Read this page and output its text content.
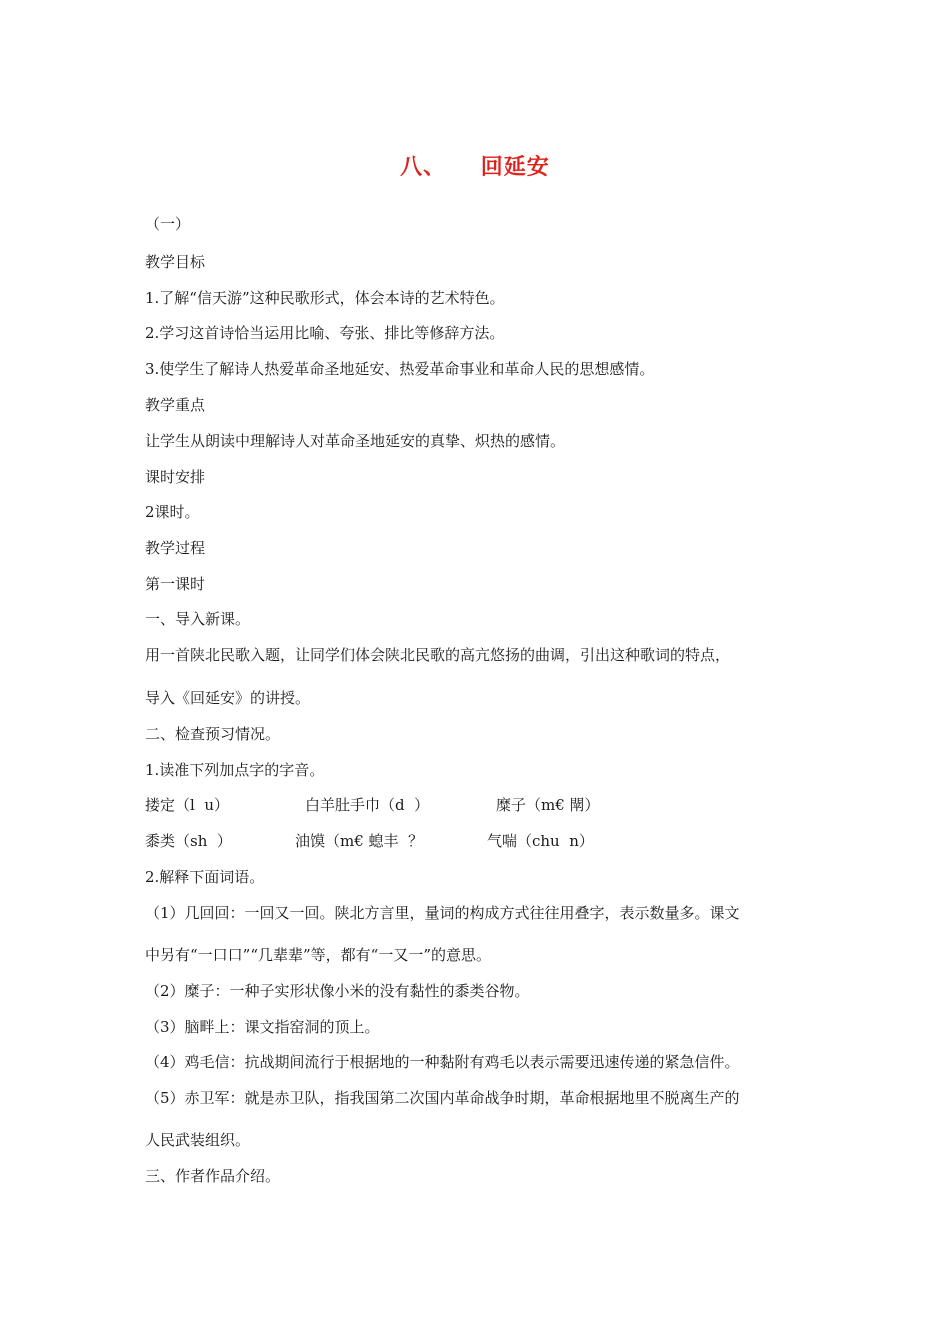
八、    回延安
（一）
教学目标
1.了解“信天游”这种民歌形式，体会本诗的艺术特色。
2.学习这首诗恰当运用比喻、夸张、排比等修辞方法。
3.使学生了解诗人热爱革命圣地延安、热爱革命事业和革命人民的思想感情。
教学重点
让学生从朗读中理解诗人对革命圣地延安的真挚、炽热的感情。
课时安排
2课时。
教学过程
第一课时
一、导入新课。
用一首陕北民歌入题，让同学们体会陕北民歌的高亢悠扬的曲调，引出这种歌词的特点，
导入《回延安》的讲授。
二、检查预习情况。
1.读准下列加点字的字音。
搂定（l  u）	白羊肚手巾（d  ）	糜子（m€ 閛）
黍类（sh  ）	油馍（m€ 螅丰  ？	气喘（chu  n）
2.解释下面词语。
（1）几回回：一回又一回。陕北方言里，量词的构成方式往往用叠字，表示数量多。课文
中另有“一口口”“几辈辈”等，都有“一又一”的意思。
（2）糜子：一种子实形状像小米的没有黏性的黍类谷物。
（3）脑畔上：课文指窑洞的顶上。
（4）鸡毛信：抗战期间流行于根据地的一种黏附有鸡毛以表示需要迅速传递的紧急信件。
（5）赤卫军：就是赤卫队，指我国第二次国内革命战争时期，革命根据地里不脱离生产的
人民武装组织。
三、作者作品介绍。
